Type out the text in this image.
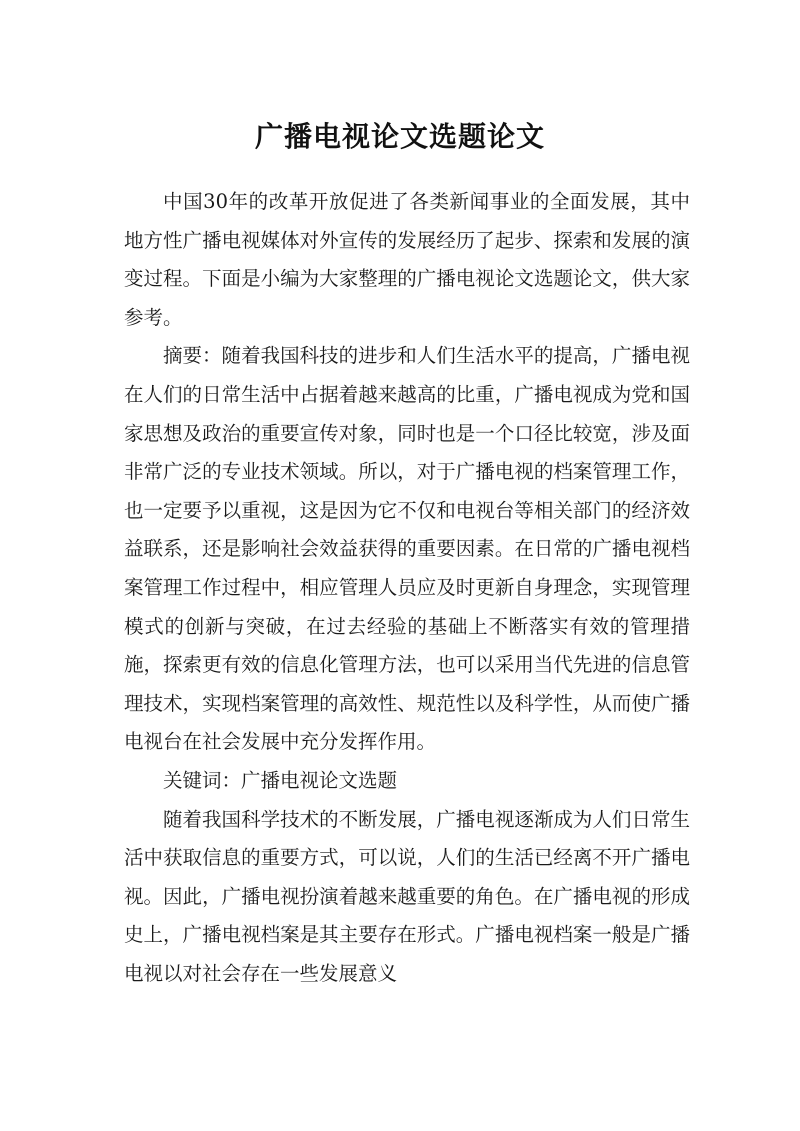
广播电视论文选题论文

中国30年的改革开放促进了各类新闻事业的全面发展，其中地方性广播电视媒体对外宣传的发展经历了起步、探索和发展的演变过程。下面是小编为大家整理的广播电视论文选题论文，供大家参考。

摘要：随着我国科技的进步和人们生活水平的提高，广播电视在人们的日常生活中占据着越来越高的比重，广播电视成为党和国家思想及政治的重要宣传对象，同时也是一个口径比较宽，涉及面非常广泛的专业技术领域。所以，对于广播电视的档案管理工作，也一定要予以重视，这是因为它不仅和电视台等相关部门的经济效益联系，还是影响社会效益获得的重要因素。在日常的广播电视档案管理工作过程中，相应管理人员应及时更新自身理念，实现管理模式的创新与突破，在过去经验的基础上不断落实有效的管理措施，探索更有效的信息化管理方法，也可以采用当代先进的信息管理技术，实现档案管理的高效性、规范性以及科学性，从而使广播电视台在社会发展中充分发挥作用。

关键词：广播电视论文选题

随着我国科学技术的不断发展，广播电视逐渐成为人们日常生活中获取信息的重要方式，可以说，人们的生活已经离不开广播电视。因此，广播电视扮演着越来越重要的角色。在广播电视的形成史上，广播电视档案是其主要存在形式。广播电视档案一般是广播电视以对社会存在一些发展意义
